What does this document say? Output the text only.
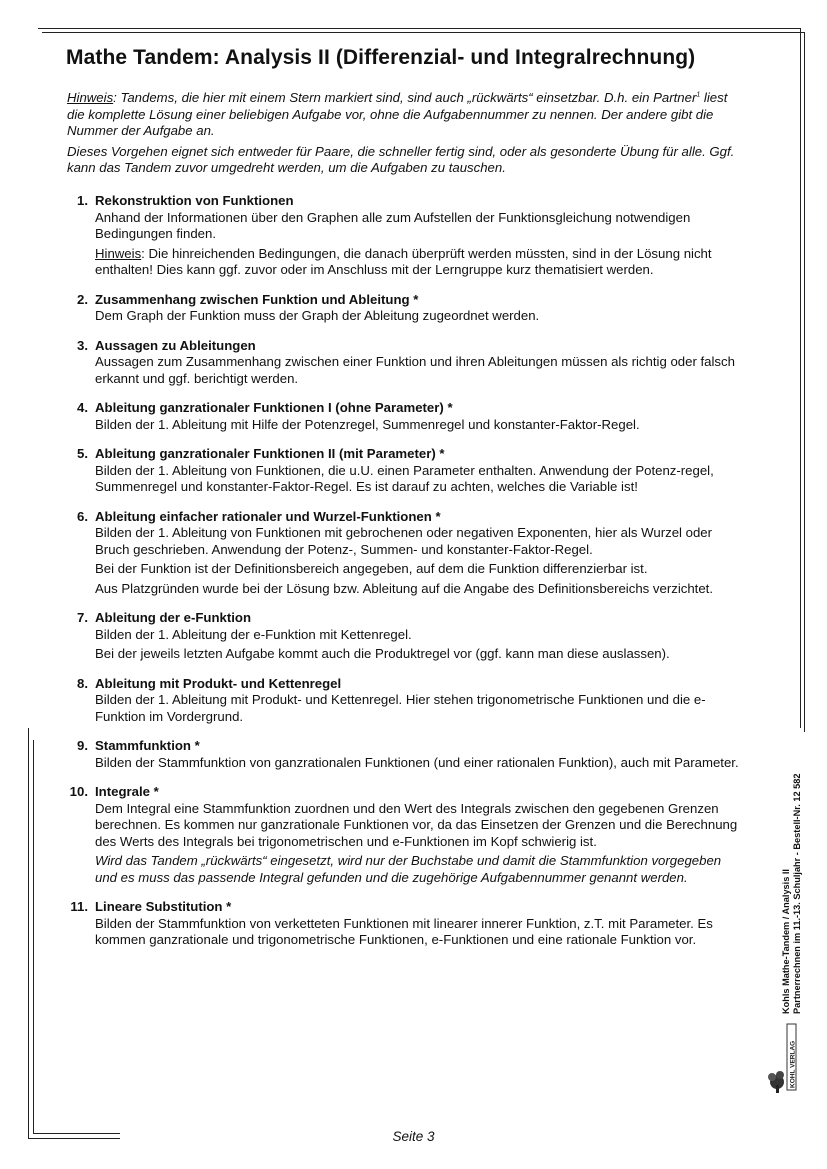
Mathe Tandem: Analysis II (Differenzial- und Integralrechnung)

Hinweis: Tandems, die hier mit einem Stern markiert sind, sind auch „rückwärts“ einsetzbar. D.h. ein Partner$^1$ liest die komplette Lösung einer beliebigen Aufgabe vor, ohne die Aufgabennummer zu nennen. Der andere gibt die Nummer der Aufgabe an.

Dieses Vorgehen eignet sich entweder für Paare, die schneller fertig sind, oder als gesonderte Übung für alle. Ggf. kann das Tandem zuvor umgedreht werden, um die Aufgaben zu tauschen.

1. Rekonstruktion von Funktionen

Anhand der Informationen über den Graphen alle zum Aufstellen der Funktionsgleichung notwendigen Bedingungen finden.

Hinweis: Die hinreichenden Bedingungen, die danach überprüft werden müssten, sind in der Lösung nicht enthalten! Dies kann ggf. zuvor oder im Anschluss mit der Lerngruppe kurz thematisiert werden.

2. Zusammenhang zwischen Funktion und Ableitung *

Dem Graph der Funktion muss der Graph der Ableitung zugeordnet werden.

3. Aussagen zu Ableitungen

Aussagen zum Zusammenhang zwischen einer Funktion und ihren Ableitungen müssen als richtig oder falsch erkannt und ggf. berichtigt werden.

4. Ableitung ganzrationaler Funktionen I (ohne Parameter) *

Bilden der 1. Ableitung mit Hilfe der Potenzregel, Summenregel und konstanter-Faktor-Regel.

5. Ableitung ganzrationaler Funktionen II (mit Parameter) *

Bilden der 1. Ableitung von Funktionen, die u.U. einen Parameter enthalten. Anwendung der Potenz-regel, Summenregel und konstanter-Faktor-Regel. Es ist darauf zu achten, welches die Variable ist!

6. Ableitung einfacher rationaler und Wurzel-Funktionen *

Bilden der 1. Ableitung von Funktionen mit gebrochenen oder negativen Exponenten, hier als Wurzel oder Bruch geschrieben. Anwendung der Potenz-, Summen- und konstanter-Faktor-Regel.

Bei der Funktion ist der Definitionsbereich angegeben, auf dem die Funktion differenzierbar ist.

Aus Platzgründen wurde bei der Lösung bzw. Ableitung auf die Angabe des Definitionsbereichs verzichtet.

7. Ableitung der e-Funktion

Bilden der 1. Ableitung der e-Funktion mit Kettenregel.

Bei der jeweils letzten Aufgabe kommt auch die Produktregel vor (ggf. kann man diese auslassen).

8. Ableitung mit Produkt- und Kettenregel

Bilden der 1. Ableitung mit Produkt- und Kettenregel. Hier stehen trigonometrische Funktionen und die e-Funktion im Vordergrund.

9. Stammfunktion *

Bilden der Stammfunktion von ganzrationalen Funktionen (und einer rationalen Funktion), auch mit Parameter.

10. Integrale *

Dem Integral eine Stammfunktion zuordnen und den Wert des Integrals zwischen den gegebenen Grenzen berechnen. Es kommen nur ganzrationale Funktionen vor, da das Einsetzen der Grenzen und die Berechnung des Werts des Integrals bei trigonometrischen und e-Funktionen im Kopf schwierig ist.

Wird das Tandem „rückwärts“ eingesetzt, wird nur der Buchstabe und damit die Stammfunktion vorgegeben und es muss das passende Integral gefunden und die zugehörige Aufgabennummer genannt werden.

11. Lineare Substitution *

Bilden der Stammfunktion von verketteten Funktionen mit linearer innerer Funktion, z.T. mit Parameter. Es kommen ganzrationale und trigonometrische Funktionen, e-Funktionen und eine rationale Funktion vor.	Kohls Mathe-Tandem / Analysis II Partnerrechnen im 11.-13. Schuljahr - Bestell-Nr. 12 582
KOHL VERLAG
Seite 3
